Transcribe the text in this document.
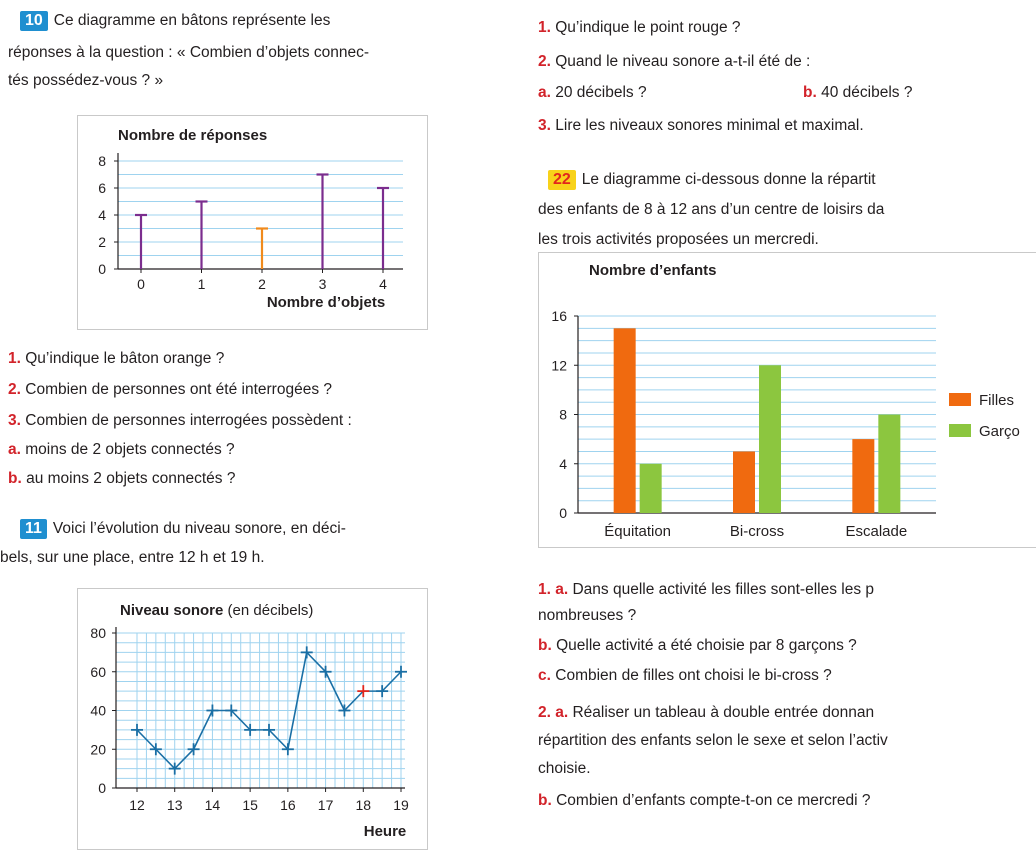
10 Ce diagramme en bâtons représente les
réponses à la question : « Combien d’objets connec-
tés possédez-vous ? »
Nombre de réponses
0
2
4
6
8
0	1	2	3	4
Nombre d’objets
1. Qu’indique le bâton orange ?
2. Combien de personnes ont été interrogées ?
3. Combien de personnes interrogées possèdent :
a. moins de 2 objets connectés ?
b. au moins 2 objets connectés ?
11 Voici l’évolution du niveau sonore, en déci-
bels, sur une place, entre 12 h et 19 h.
Niveau sonore (en décibels)
0
20
40
60
80
12 13 14 15 16 17 18 19
Heure
1. Qu’indique le point rouge ?
2. Quand le niveau sonore a-t-il été de :
a. 20 décibels ?	b. 40 décibels ?
3. Lire les niveaux sonores minimal et maximal.
22 Le diagramme ci-dessous donne la répartit
des enfants de 8 à 12 ans d’un centre de loisirs da
les trois activités proposées un mercredi.
Nombre d’enfants
0
4
8
12
16
Équitation	Bi-cross	Escalade
Filles
Garço
1. a. Dans quelle activité les filles sont-elles les p
nombreuses ?
b. Quelle activité a été choisie par 8 garçons ?
c. Combien de filles ont choisi le bi-cross ?
2. a. Réaliser un tableau à double entrée donnan
répartition des enfants selon le sexe et selon l’activ
choisie.
b. Combien d’enfants compte-t-on ce mercredi ?
